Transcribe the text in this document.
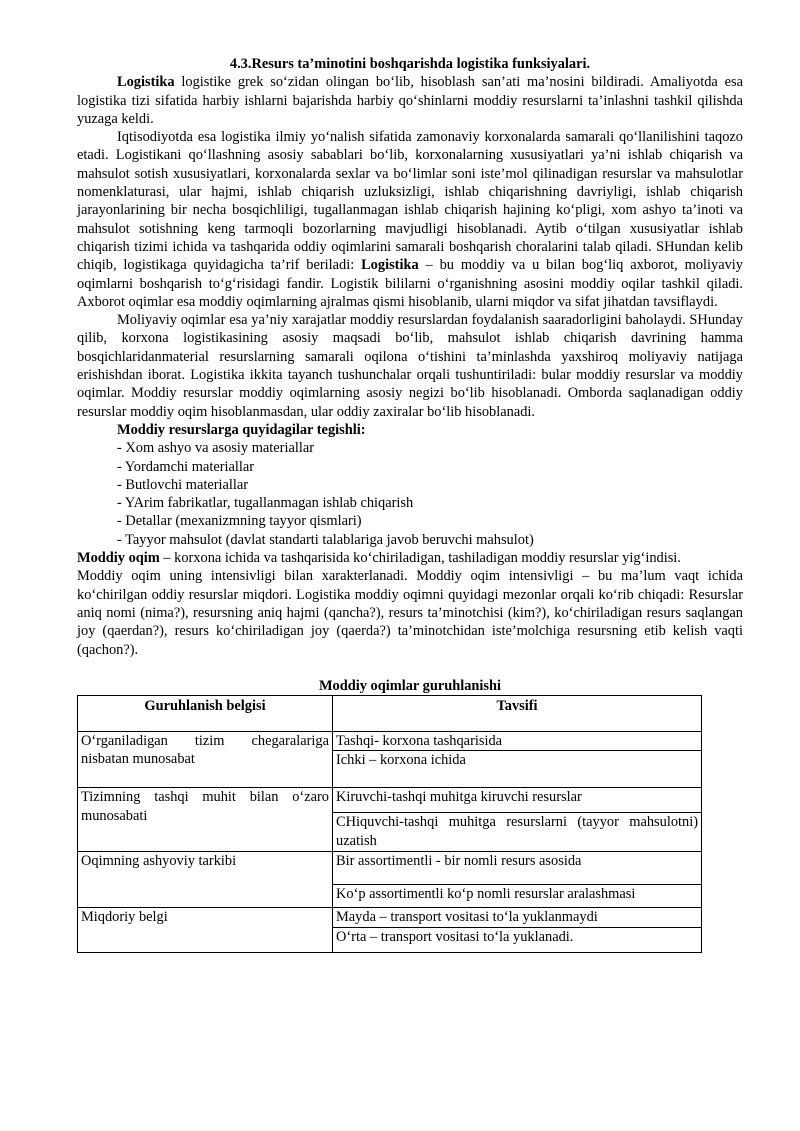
4.3.Resurs ta’minotini boshqarishda logistika funksiyalari.

Logistika logistike grek so‘zidan olingan bo‘lib, hisoblash san’ati ma’nosini bildiradi. Amaliyotda esa logistika tizi sifatida harbiy ishlarni bajarishda harbiy qo‘shinlarni moddiy resurslarni ta’inlashni tashkil qilishda yuzaga keldi.

Iqtisodiyotda esa logistika ilmiy yo‘nalish sifatida zamonaviy korxonalarda samarali qo‘llanilishini taqozo etadi. Logistikani qo‘llashning asosiy sabablari bo‘lib, korxonalarning xususiyatlari ya’ni ishlab chiqarish va mahsulot sotish xususiyatlari, korxonalarda sexlar va bo‘limlar soni iste’mol qilinadigan resurslar va mahsulotlar nomenklaturasi, ular hajmi, ishlab chiqarish uzluksizligi, ishlab chiqarishning davriyligi, ishlab chiqarish jarayonlarining bir necha bosqichliligi, tugallanmagan ishlab chiqarish hajining ko‘pligi, xom ashyo ta’inoti va mahsulot sotishning keng tarmoqli bozorlarning mavjudligi hisoblanadi. Aytib o‘tilgan xususiyatlar ishlab chiqarish tizimi ichida va tashqarida oddiy oqimlarini samarali boshqarish choralarini talab qiladi. SHundan kelib chiqib, logistikaga quyidagicha ta’rif beriladi: Logistika – bu moddiy va u bilan bog‘liq axborot, moliyaviy oqimlarni boshqarish to‘g‘risidagi fandir. Logistik bililarni o‘rganishning asosini moddiy oqilar tashkil qiladi. Axborot oqimlar esa moddiy oqimlarning ajralmas qismi hisoblanib, ularni miqdor va sifat jihatdan tavsiflaydi.

Moliyaviy oqimlar esa ya’niy xarajatlar moddiy resurslardan foydalanish saaradorligini baholaydi. SHunday qilib, korxona logistikasining asosiy maqsadi bo‘lib, mahsulot ishlab chiqarish davrining hamma bosqichlaridanmaterial resurslarning samarali oqilona o‘tishini ta’minlashda yaxshiroq moliyaviy natijaga erishishdan iborat. Logistika ikkita tayanch tushunchalar orqali tushuntiriladi: bular moddiy resurslar va moddiy oqimlar. Moddiy resurslar moddiy oqimlarning asosiy negizi bo‘lib hisoblanadi. Omborda saqlanadigan oddiy resurslar moddiy oqim hisoblanmasdan, ular oddiy zaxiralar bo‘lib hisoblanadi.

Moddiy resurslarga quyidagilar tegishli:

- Xom ashyo va asosiy materiallar

- Yordamchi materiallar

- Butlovchi materiallar

- YArim fabrikatlar, tugallanmagan ishlab chiqarish

- Detallar (mexanizmning tayyor qismlari)

- Tayyor mahsulot (davlat standarti talablariga javob beruvchi mahsulot)

Moddiy oqim – korxona ichida va tashqarisida ko‘chiriladigan, tashiladigan moddiy resurslar yig‘indisi.

Moddiy oqim uning intensivligi bilan xarakterlanadi. Moddiy oqim intensivligi – bu ma’lum vaqt ichida ko‘chirilgan oddiy resurslar miqdori. Logistika moddiy oqimni quyidagi mezonlar orqali ko‘rib chiqadi: Resurslar aniq nomi (nima?), resursning aniq hajmi (qancha?), resurs ta’minotchisi (kim?), ko‘chiriladigan resurs saqlangan joy (qaerdan?), resurs ko‘chiriladigan joy (qaerda?) ta’minotchidan iste’molchiga resursning etib kelish vaqti (qachon?).

Moddiy oqimlar guruhlanishi

Guruhlanish belgisi	Tavsifi
O‘rganiladigan tizim chegaralariga nisbatan munosabat	Tashqi- korxona tashqarisida
	Ichki – korxona ichida
Tizimning tashqi muhit bilan o‘zaro munosabati	Kiruvchi-tashqi muhitga kiruvchi resurslar
	CHiquvchi-tashqi muhitga resurslarni (tayyor mahsulotni) uzatish
Oqimning ashyoviy tarkibi	Bir assortimentli - bir nomli resurs asosida
	Ko‘p assortimentli ko‘p nomli resurslar aralashmasi
Miqdoriy belgi	Mayda – transport vositasi to‘la yuklanmaydi
	O‘rta – transport vositasi to‘la yuklanadi.
